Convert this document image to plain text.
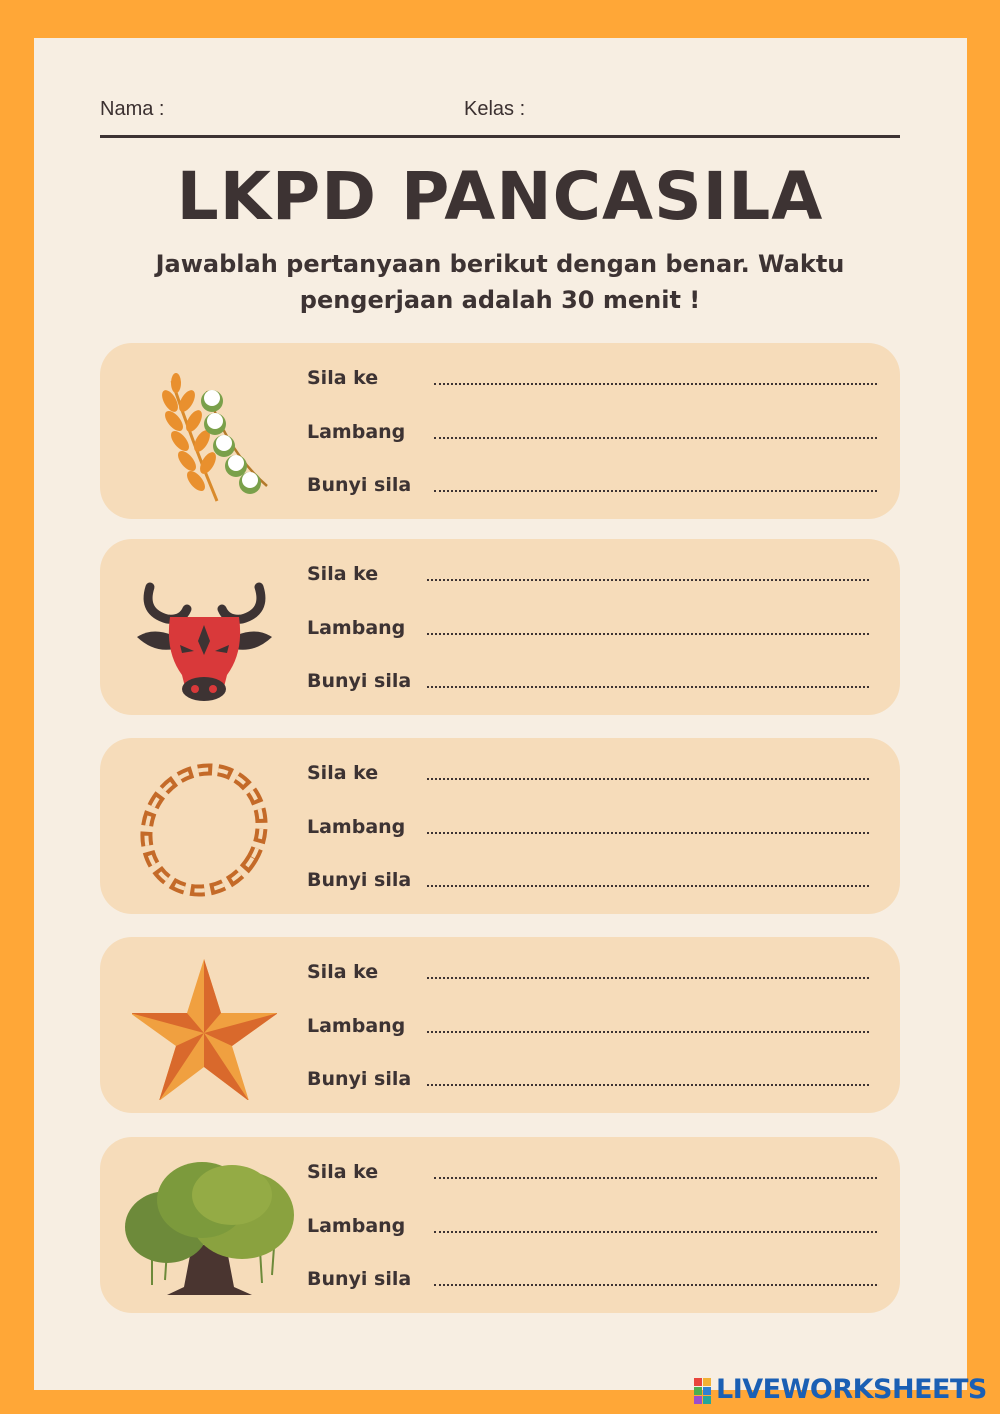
Nama :	Kelas :
LKPD PANCASILA
Jawablah pertanyaan berikut dengan benar. Waktu pengerjaan adalah 30 menit !
Sila ke
Lambang
Bunyi sila
Sila ke
Lambang
Bunyi sila
Sila ke
Lambang
Bunyi sila
Sila ke
Lambang
Bunyi sila
Sila ke
Lambang
Bunyi sila
LIVEWORKSHEETS
